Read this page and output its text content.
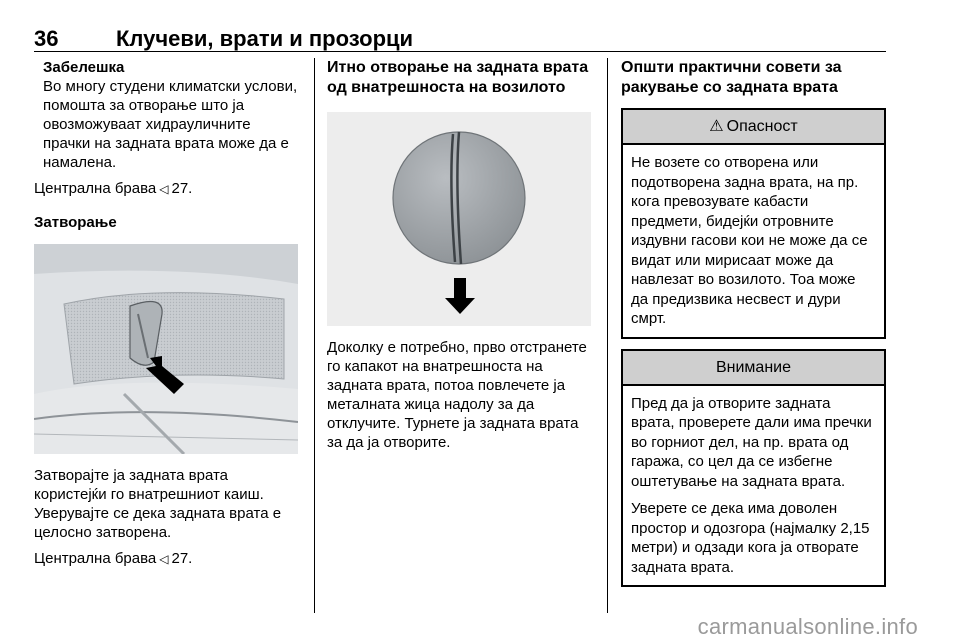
36	Клучеви, врати и прозорци
Забелешка
Во многу студени климатски услови, помошта за отворање што ја овозможуваат хидрауличните прачки на задната врата може да е намалена.
Централна брава ◁ 27.
Затворање
Затворајте ја задната врата користејќи го внатрешниот каиш. Уверувајте се дека задната врата е целосно затворена.
Централна брава ◁ 27.
Итно отворање на задната врата од внатрешноста на возилото
Доколку е потребно, прво отстранете го капакот на внатрешноста на задната врата, потоа повлечете ја металната жица надолу за да отклучите. Турнете ја задната врата за да ја отворите.
Општи практични совети за ракување со задната врата
⚠ Опасност
Не возете со отворена или подотворена задна врата, на пр. кога превозувате кабасти предмети, бидејќи отровните издувни гасови кои не може да се видат или мирисаат може да навлезат во возилото. Тоа може да предизвика несвест и дури смрт.
Внимание
Пред да ја отворите задната врата, проверете дали има пречки во горниот дел, на пр. врата од гаража, со цел да се избегне оштетување на задната врата.
Уверете се дека има доволен простор и одозгора (најмалку 2,15 метри) и одзади кога ја отворате задната врата.
carmanualsonline.info
